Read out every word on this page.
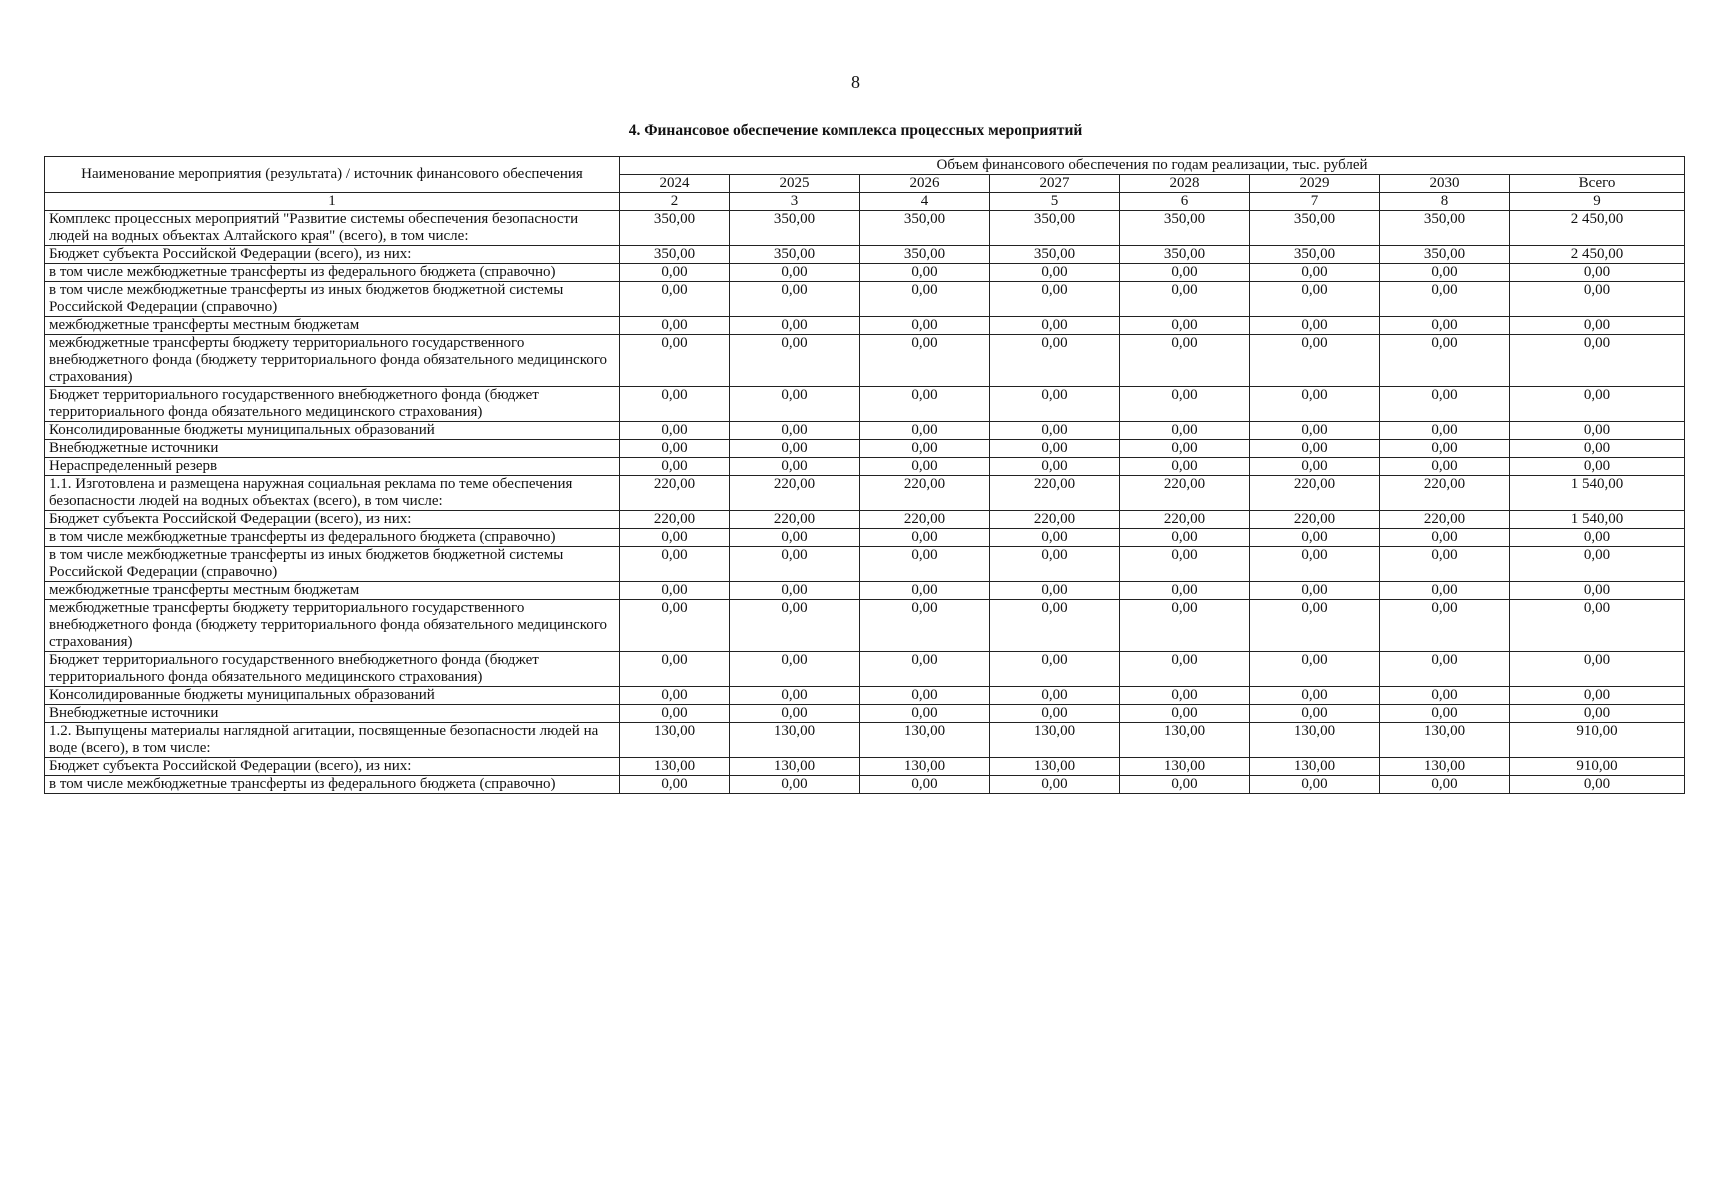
8
4. Финансовое обеспечение комплекса процессных мероприятий
Наименование мероприятия (результата) / источник финансового обеспечения	Объем финансового обеспечения по годам реализации, тыс. рублей							
	2024	2025	2026	2027	2028	2029	2030	Всего
1	2	3	4	5	6	7	8	9
Комплекс процессных мероприятий "Развитие системы обеспечения безопасности людей на водных объектах Алтайского края" (всего), в том числе:	350,00	350,00	350,00	350,00	350,00	350,00	350,00	2 450,00
Бюджет субъекта Российской Федерации (всего), из них:	350,00	350,00	350,00	350,00	350,00	350,00	350,00	2 450,00
в том числе межбюджетные трансферты из федерального бюджета (справочно)	0,00	0,00	0,00	0,00	0,00	0,00	0,00	0,00
в том числе межбюджетные трансферты из иных бюджетов бюджетной системы Российской Федерации (справочно)	0,00	0,00	0,00	0,00	0,00	0,00	0,00	0,00
межбюджетные трансферты местным бюджетам	0,00	0,00	0,00	0,00	0,00	0,00	0,00	0,00
межбюджетные трансферты бюджету территориального государственного внебюджетного фонда (бюджету территориального фонда обязательного медицинского страхования)	0,00	0,00	0,00	0,00	0,00	0,00	0,00	0,00
Бюджет территориального государственного внебюджетного фонда (бюджет территориального фонда обязательного медицинского страхования)	0,00	0,00	0,00	0,00	0,00	0,00	0,00	0,00
Консолидированные бюджеты муниципальных образований	0,00	0,00	0,00	0,00	0,00	0,00	0,00	0,00
Внебюджетные источники	0,00	0,00	0,00	0,00	0,00	0,00	0,00	0,00
Нераспределенный резерв	0,00	0,00	0,00	0,00	0,00	0,00	0,00	0,00
1.1. Изготовлена и размещена наружная социальная реклама по теме обеспечения безопасности людей на водных объектах (всего), в том числе:	220,00	220,00	220,00	220,00	220,00	220,00	220,00	1 540,00
Бюджет субъекта Российской Федерации (всего), из них:	220,00	220,00	220,00	220,00	220,00	220,00	220,00	1 540,00
в том числе межбюджетные трансферты из федерального бюджета (справочно)	0,00	0,00	0,00	0,00	0,00	0,00	0,00	0,00
в том числе межбюджетные трансферты из иных бюджетов бюджетной системы Российской Федерации (справочно)	0,00	0,00	0,00	0,00	0,00	0,00	0,00	0,00
межбюджетные трансферты местным бюджетам	0,00	0,00	0,00	0,00	0,00	0,00	0,00	0,00
межбюджетные трансферты бюджету территориального государственного внебюджетного фонда (бюджету территориального фонда обязательного медицинского страхования)	0,00	0,00	0,00	0,00	0,00	0,00	0,00	0,00
Бюджет территориального государственного внебюджетного фонда (бюджет территориального фонда обязательного медицинского страхования)	0,00	0,00	0,00	0,00	0,00	0,00	0,00	0,00
Консолидированные бюджеты муниципальных образований	0,00	0,00	0,00	0,00	0,00	0,00	0,00	0,00
Внебюджетные источники	0,00	0,00	0,00	0,00	0,00	0,00	0,00	0,00
1.2. Выпущены материалы наглядной агитации, посвященные безопасности людей на воде (всего), в том числе:	130,00	130,00	130,00	130,00	130,00	130,00	130,00	910,00
Бюджет субъекта Российской Федерации (всего), из них:	130,00	130,00	130,00	130,00	130,00	130,00	130,00	910,00
в том числе межбюджетные трансферты из федерального бюджета (справочно)	0,00	0,00	0,00	0,00	0,00	0,00	0,00	0,00
